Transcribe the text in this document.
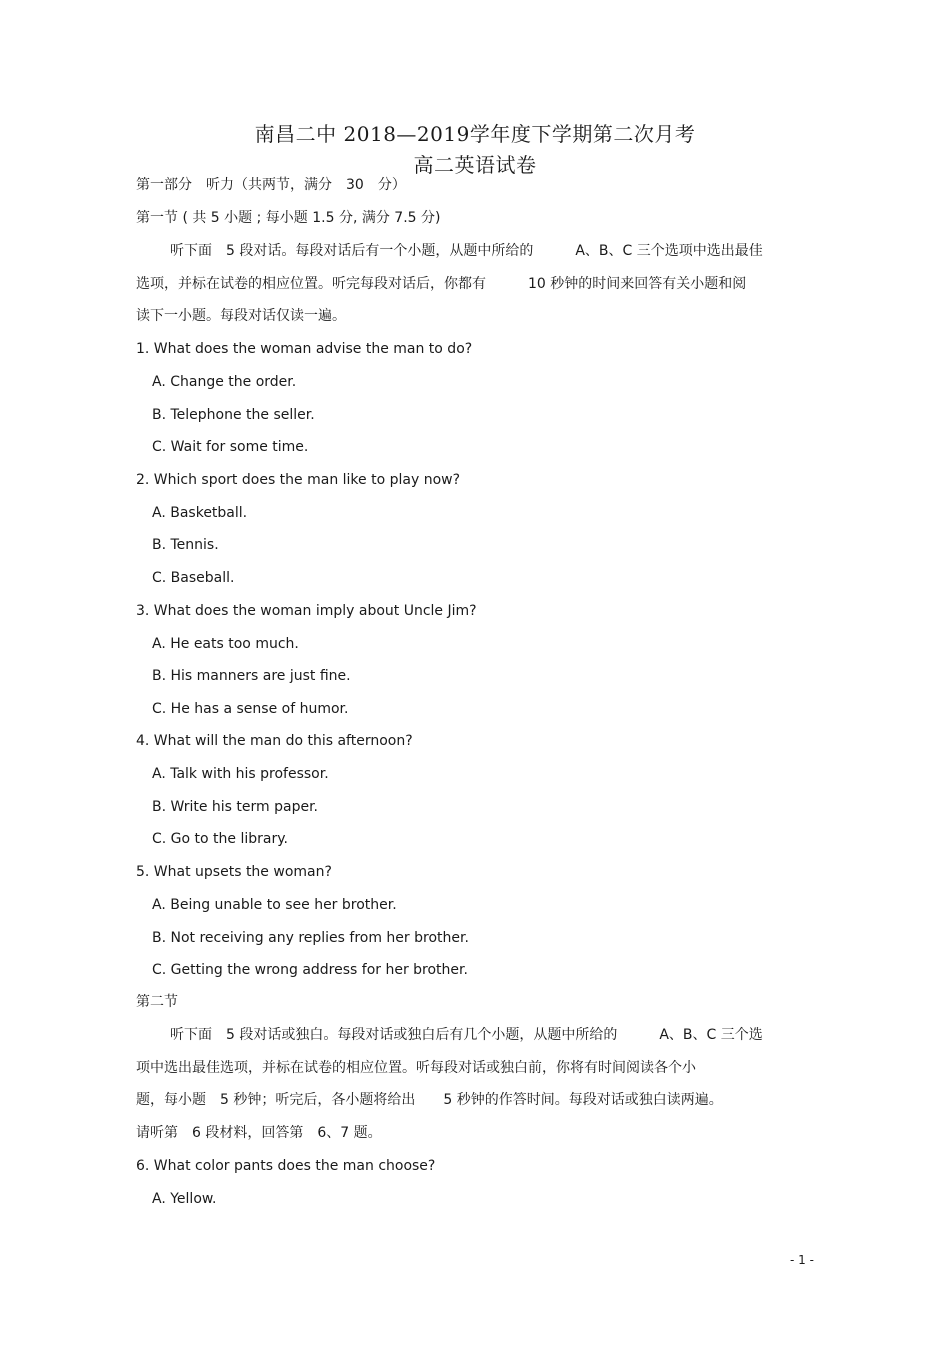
南昌二中 2018—2019学年度下学期第二次月考
高二英语试卷
第一部分　听力（共两节，满分　30　分）
第一节 ( 共 5 小题 ; 每小题 1.5 分, 满分 7.5 分)
听下面　5 段对话。每段对话后有一个小题，从题中所给的　　　A、B、C 三个选项中选出最佳
选项，并标在试卷的相应位置。听完每段对话后，你都有　　　10 秒钟的时间来回答有关小题和阅
读下一小题。每段对话仅读一遍。
1. What does the woman advise the man to do?
A. Change the order.
B. Telephone the seller.
C. Wait for some time.
2. Which sport does the man like to play now?
A. Basketball.
B. Tennis.
C. Baseball.
3. What does the woman imply about Uncle Jim?
A. He eats too much.
B. His manners are just fine.
C. He has a sense of humor.
4. What will the man do this afternoon?
A. Talk with his professor.
B. Write his term paper.
C. Go to the library.
5. What upsets the woman?
A. Being unable to see her brother.
B. Not receiving any replies from her brother.
C. Getting the wrong address for her brother.
第二节
听下面　5 段对话或独白。每段对话或独白后有几个小题，从题中所给的　　　A、B、C 三个选
项中选出最佳选项，并标在试卷的相应位置。听每段对话或独白前，你将有时间阅读各个小
题，每小题　5 秒钟；听完后，各小题将给出　　5 秒钟的作答时间。每段对话或独白读两遍。
请听第　6 段材料，回答第　6、7 题。
6. What color pants does the man choose?
A. Yellow.
- 1 -
